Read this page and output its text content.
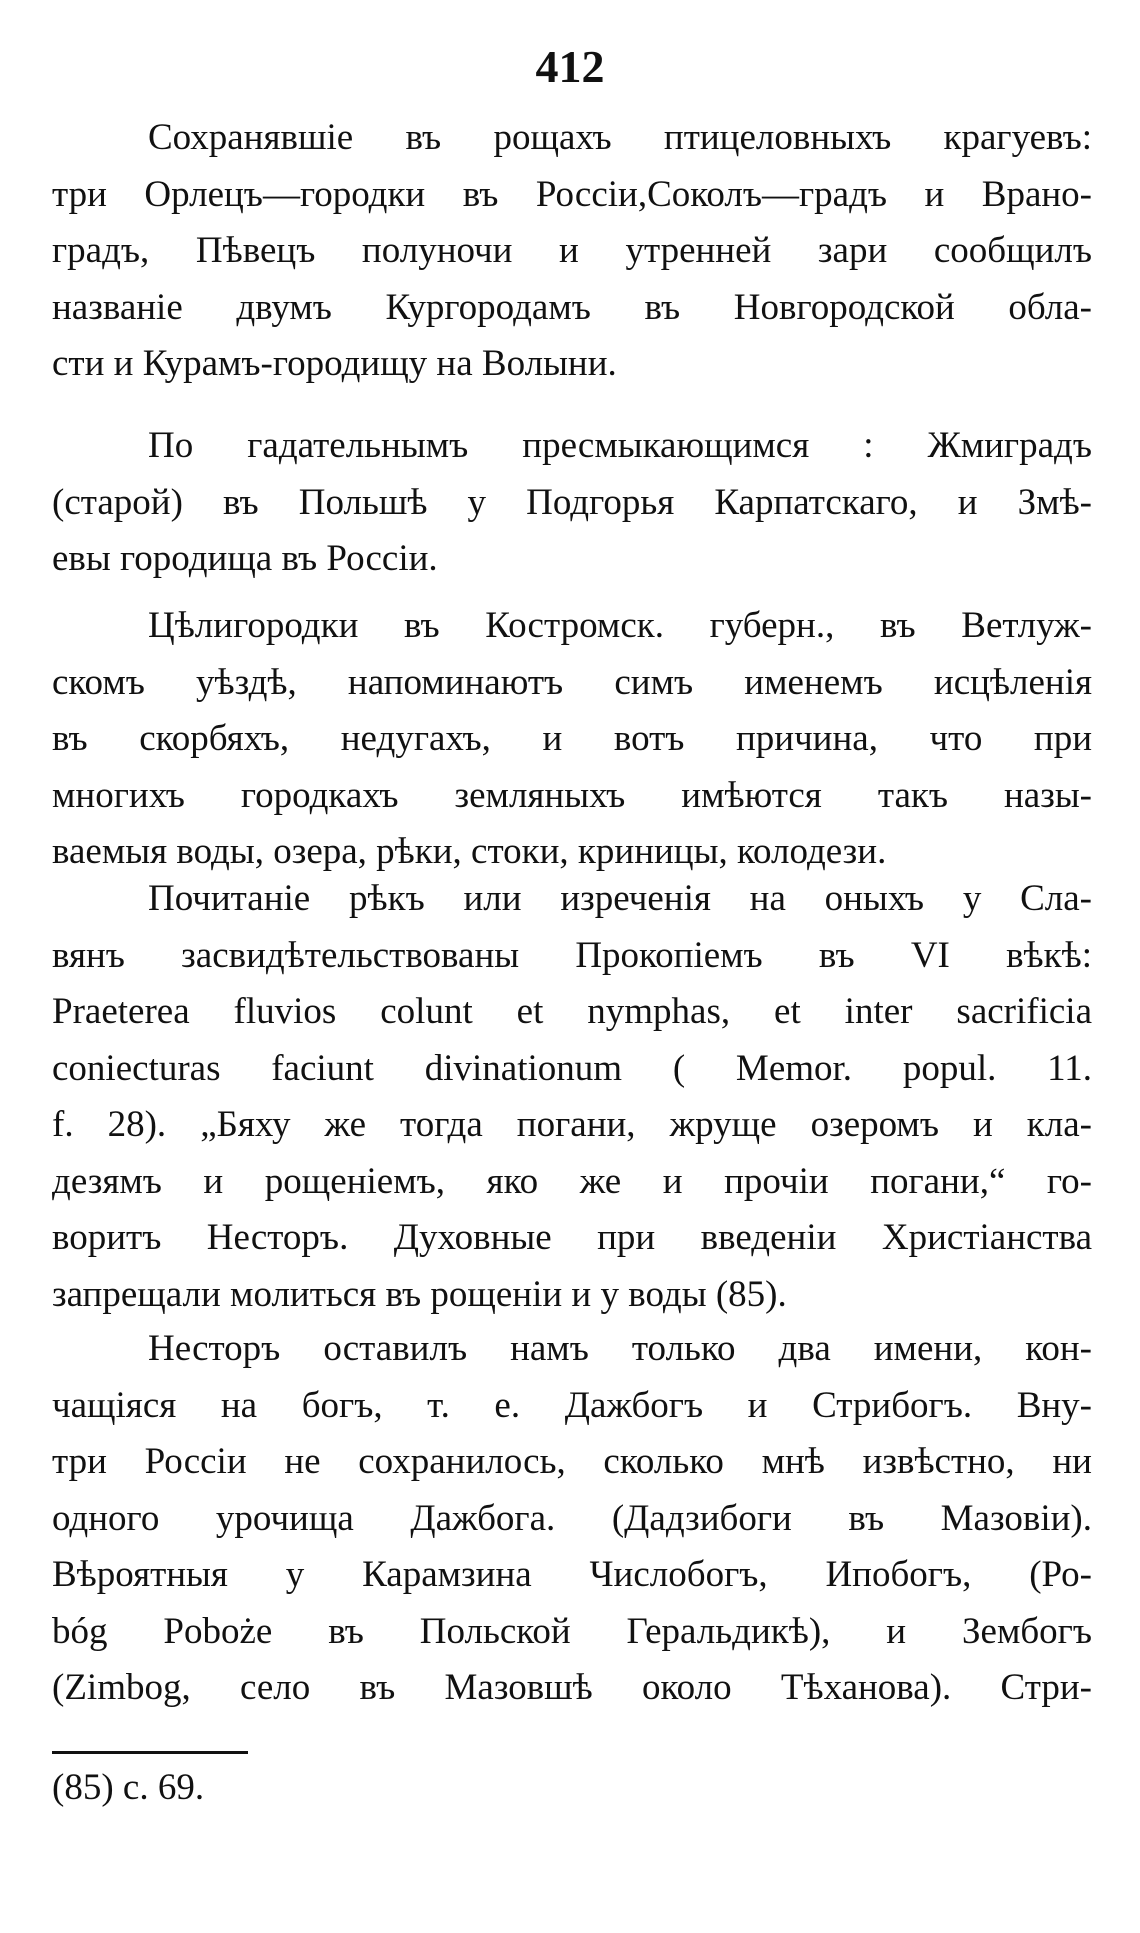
412
Сохранявшіе въ рощахъ птицеловныхъ крагуевъ:
три Орлецъ—городки въ Россіи,Соколъ—градъ и Врано-
градъ, Пѣвецъ полуночи и утренней зари сообщилъ
названіе двумъ Кургородамъ въ Новгородской обла-
сти и Курамъ-городищу на Волыни.
По гадательнымъ пресмыкающимся : Жмиградъ
(старой) въ Польшѣ у Подгорья Карпатскаго, и Змѣ-
евы городища въ Россіи.
Цѣлигородки въ Костромск. губерн., въ Ветлуж-
скомъ уѣздѣ, напоминаютъ симъ именемъ исцѣленія
въ скорбяхъ, недугахъ, и вотъ причина, что при
многихъ городкахъ земляныхъ имѣются такъ назы-
ваемыя воды, озера, рѣки, стоки, криницы, колодези.
Почитаніе рѣкъ или изреченія на оныхъ у Сла-
вянъ засвидѣтельствованы Прокопіемъ въ VI вѣкѣ:
Praeterea fluvios colunt et nymphas, et inter sacrificia
coniecturas faciunt divinationum ( Memor. popul. 11.
f. 28). „Бяху же тогда погани, жруще озеромъ и кла-
дезямъ и рощеніемъ, яко же и прочіи погани,“ го-
воритъ Несторъ. Духовные при введеніи Христіанства
запрещали молиться въ рощеніи и у воды (85).
Несторъ оставилъ намъ только два имени, кон-
чащіяся на богъ, т. е. Дажбогъ и Стрибогъ. Вну-
три Россіи не сохранилось, сколько мнѣ извѣстно, ни
одного урочища Дажбога. (Дадзибоги въ Мазовіи).
Вѣроятныя у Карамзина Числобогъ, Ипобогъ, (Ро-
bóg Pobоże въ Польской Геральдикѣ), и Зембогъ
(Zimbog, село въ Мазовшѣ около Тѣханова). Стри-
(85) с. 69.
